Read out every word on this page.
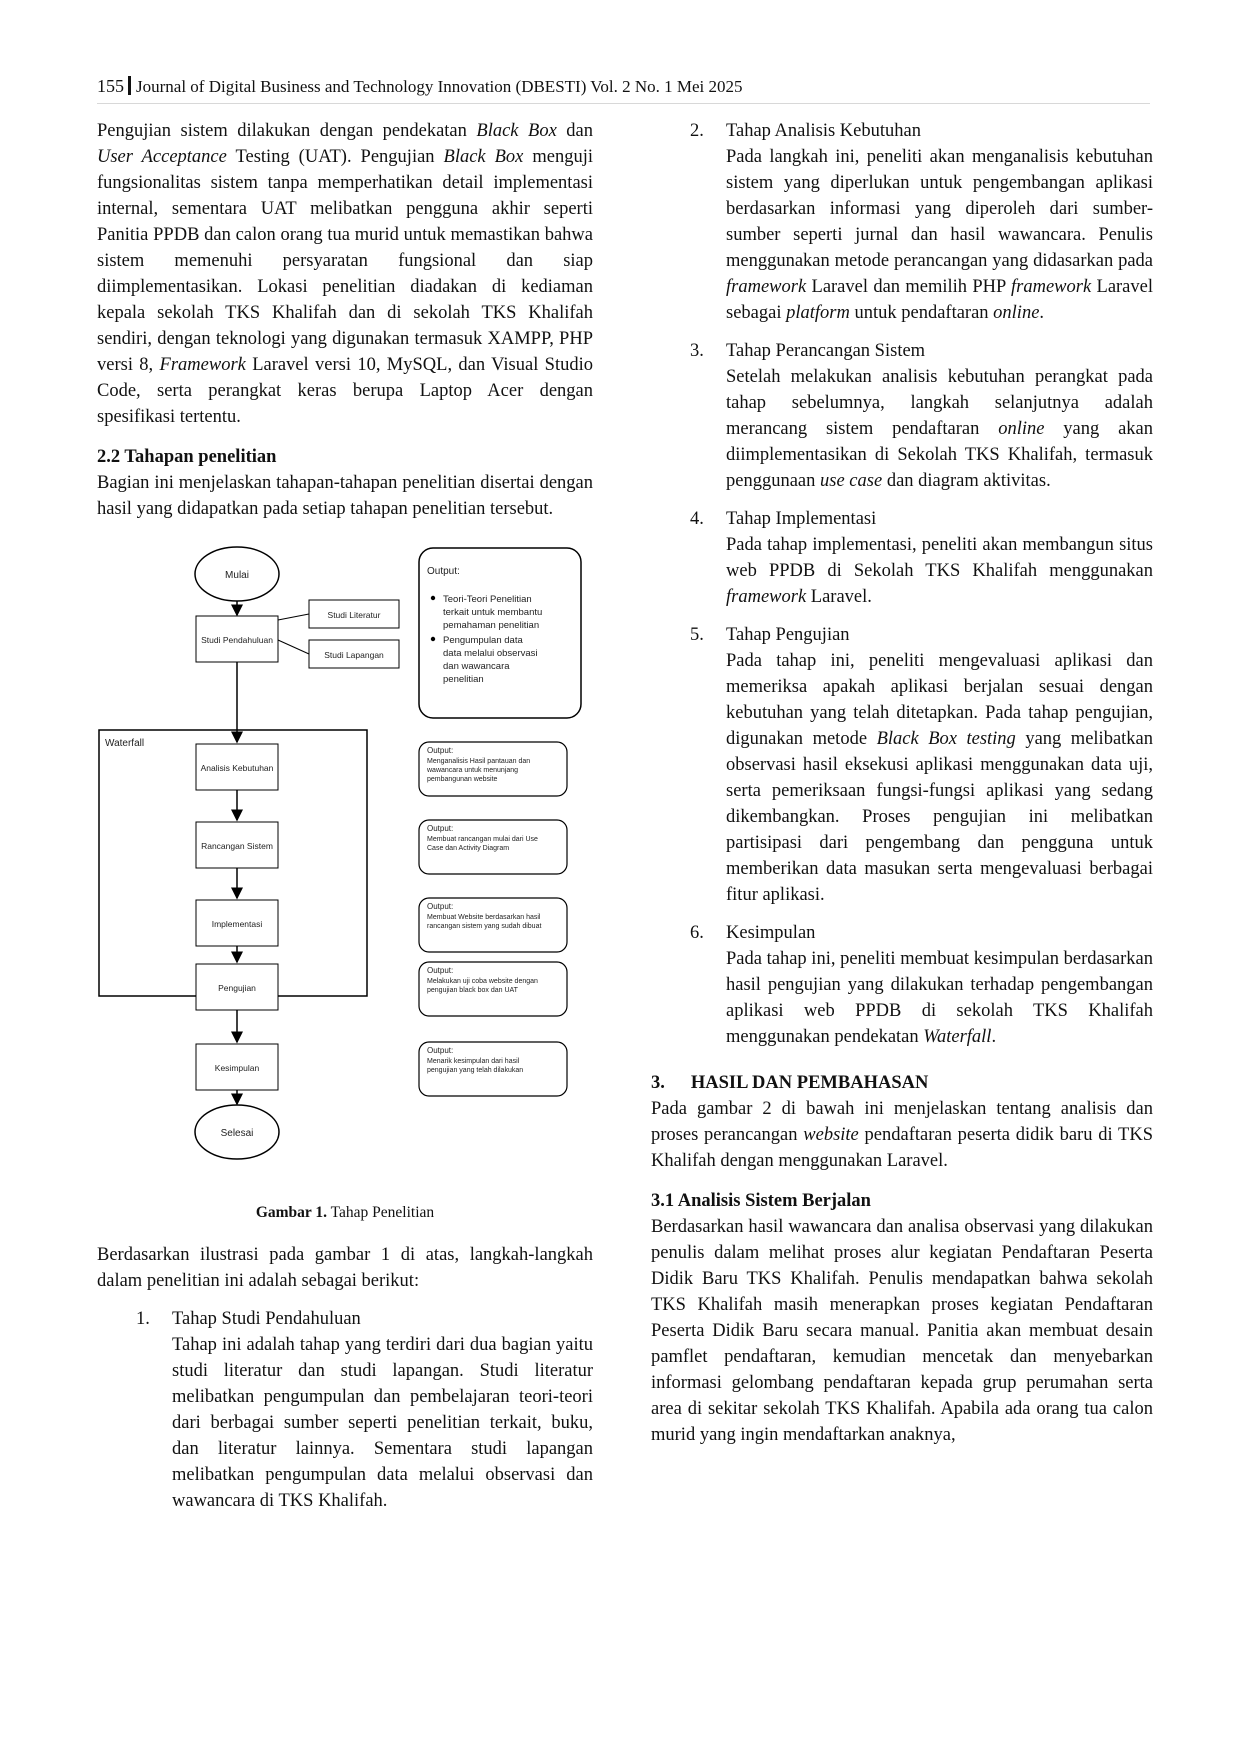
155 Journal of Digital Business and Technology Innovation (DBESTI) Vol. 2 No. 1 Mei 2025

Pengujian sistem dilakukan dengan pendekatan Black Box dan User Acceptance Testing (UAT). Pengujian Black Box menguji fungsionalitas sistem tanpa memperhatikan detail implementasi internal, sementara UAT melibatkan pengguna akhir seperti Panitia PPDB dan calon orang tua murid untuk memastikan bahwa sistem memenuhi persyaratan fungsional dan siap diimplementasikan. Lokasi penelitian diadakan di kediaman kepala sekolah TKS Khalifah dan di sekolah TKS Khalifah sendiri, dengan teknologi yang digunakan termasuk XAMPP, PHP versi 8, Framework Laravel versi 10, MySQL, dan Visual Studio Code, serta perangkat keras berupa Laptop Acer dengan spesifikasi tertentu.

2.2 Tahapan penelitian

Bagian ini menjelaskan tahapan-tahapan penelitian disertai dengan hasil yang didapatkan pada setiap tahapan penelitian tersebut.

Mulai
Studi Pendahuluan
Studi Literatur
Studi Lapangan
Output:
Teori-Teori Penelitian
terkait untuk membantu
pemahaman penelitian
Pengumpulan data
data melalui observasi
dan wawancara
penelitian
Waterfall
Analisis Kebutuhan
Output:
Menganalisis Hasil pantauan dan
wawancara untuk menunjang
pembangunan website
Rancangan Sistem
Output:
Membuat rancangan mulai dari Use
Case dan Activity Diagram
Implementasi
Output:
Membuat Website berdasarkan hasil
rancangan sistem yang sudah dibuat
Pengujian
Output:
Melakukan uji coba website dengan
pengujian black box dan UAT
Kesimpulan
Output:
Menarik kesimpulan dari hasil
pengujian yang telah dilakukan
Selesai

Gambar 1. Tahap Penelitian

Berdasarkan ilustrasi pada gambar 1 di atas, langkah-langkah dalam penelitian ini adalah sebagai berikut:

1. Tahap Studi Pendahuluan

Tahap ini adalah tahap yang terdiri dari dua bagian yaitu studi literatur dan studi lapangan. Studi literatur melibatkan pengumpulan dan pembelajaran teori-teori dari berbagai sumber seperti penelitian terkait, buku, dan literatur lainnya. Sementara studi lapangan melibatkan pengumpulan data melalui observasi dan wawancara di TKS Khalifah.

2. Tahap Analisis Kebutuhan

Pada langkah ini, peneliti akan menganalisis kebutuhan sistem yang diperlukan untuk pengembangan aplikasi berdasarkan informasi yang diperoleh dari sumber-sumber seperti jurnal dan hasil wawancara. Penulis menggunakan metode perancangan yang didasarkan pada framework Laravel dan memilih PHP framework Laravel sebagai platform untuk pendaftaran online.

3. Tahap Perancangan Sistem

Setelah melakukan analisis kebutuhan perangkat pada tahap sebelumnya, langkah selanjutnya adalah merancang sistem pendaftaran online yang akan diimplementasikan di Sekolah TKS Khalifah, termasuk penggunaan use case dan diagram aktivitas.

4. Tahap Implementasi

Pada tahap implementasi, peneliti akan membangun situs web PPDB di Sekolah TKS Khalifah menggunakan framework Laravel.

5. Tahap Pengujian

Pada tahap ini, peneliti mengevaluasi aplikasi dan memeriksa apakah aplikasi berjalan sesuai dengan kebutuhan yang telah ditetapkan. Pada tahap pengujian, digunakan metode Black Box testing yang melibatkan observasi hasil eksekusi aplikasi menggunakan data uji, serta pemeriksaan fungsi-fungsi aplikasi yang sedang dikembangkan. Proses pengujian ini melibatkan partisipasi dari pengembang dan pengguna untuk memberikan data masukan serta mengevaluasi berbagai fitur aplikasi.

6. Kesimpulan

Pada tahap ini, peneliti membuat kesimpulan berdasarkan hasil pengujian yang dilakukan terhadap pengembangan aplikasi web PPDB di sekolah TKS Khalifah menggunakan pendekatan Waterfall.

3. HASIL DAN PEMBAHASAN

Pada gambar 2 di bawah ini menjelaskan tentang analisis dan proses perancangan website pendaftaran peserta didik baru di TKS Khalifah dengan menggunakan Laravel.

3.1 Analisis Sistem Berjalan

Berdasarkan hasil wawancara dan analisa observasi yang dilakukan penulis dalam melihat proses alur kegiatan Pendaftaran Peserta Didik Baru TKS Khalifah. Penulis mendapatkan bahwa sekolah TKS Khalifah masih menerapkan proses kegiatan Pendaftaran Peserta Didik Baru secara manual. Panitia akan membuat desain pamflet pendaftaran, kemudian mencetak dan menyebarkan informasi gelombang pendaftaran kepada grup perumahan serta area di sekitar sekolah TKS Khalifah. Apabila ada orang tua calon murid yang ingin mendaftarkan anaknya,
